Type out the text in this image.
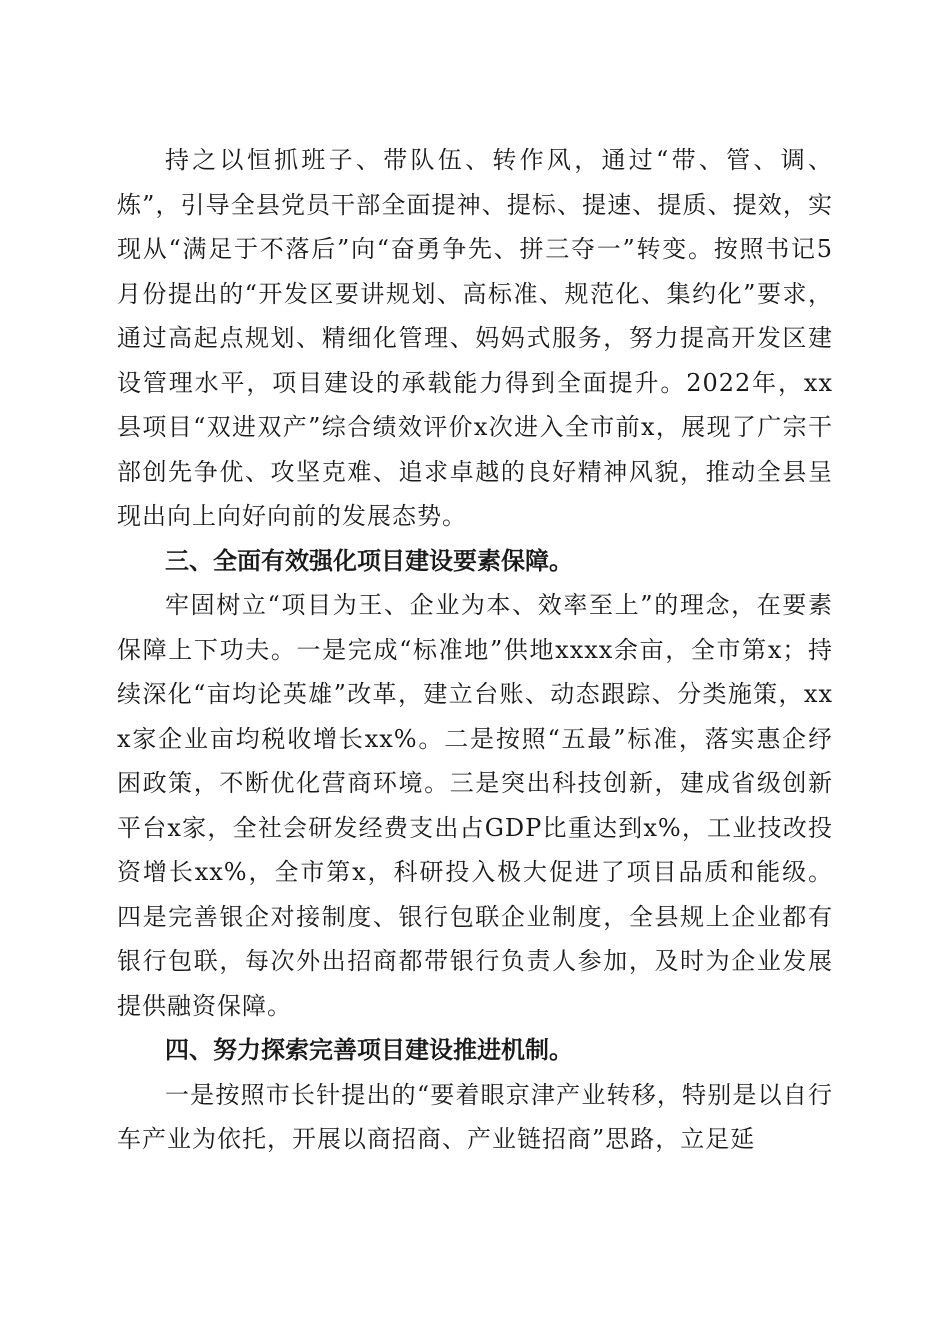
持之以恒抓班子、带队伍、转作风，通过“带、管、调、炼”，引导全县党员干部全面提神、提标、提速、提质、提效，实现从“满足于不落后”向“奋勇争先、拼三夺一”转变。按照书记5月份提出的“开发区要讲规划、高标准、规范化、集约化”要求，通过高起点规划、精细化管理、妈妈式服务，努力提高开发区建设管理水平，项目建设的承载能力得到全面提升。2022年，xx县项目“双进双产”综合绩效评价x次进入全市前x，展现了广宗干部创先争优、攻坚克难、追求卓越的良好精神风貌，推动全县呈现出向上向好向前的发展态势。

三、全面有效强化项目建设要素保障。

牢固树立“项目为王、企业为本、效率至上”的理念，在要素保障上下功夫。一是完成“标准地”供地xxxx余亩，全市第x；持续深化“亩均论英雄”改革，建立台账、动态跟踪、分类施策，xxx家企业亩均税收增长xx%。二是按照“五最”标准，落实惠企纾困政策，不断优化营商环境。三是突出科技创新，建成省级创新平台x家，全社会研发经费支出占GDP比重达到x%，工业技改投资增长xx%，全市第x，科研投入极大促进了项目品质和能级。四是完善银企对接制度、银行包联企业制度，全县规上企业都有银行包联，每次外出招商都带银行负责人参加，及时为企业发展提供融资保障。

四、努力探索完善项目建设推进机制。

一是按照市长针提出的“要着眼京津产业转移，特别是以自行车产业为依托，开展以商招商、产业链招商”思路，立足延
